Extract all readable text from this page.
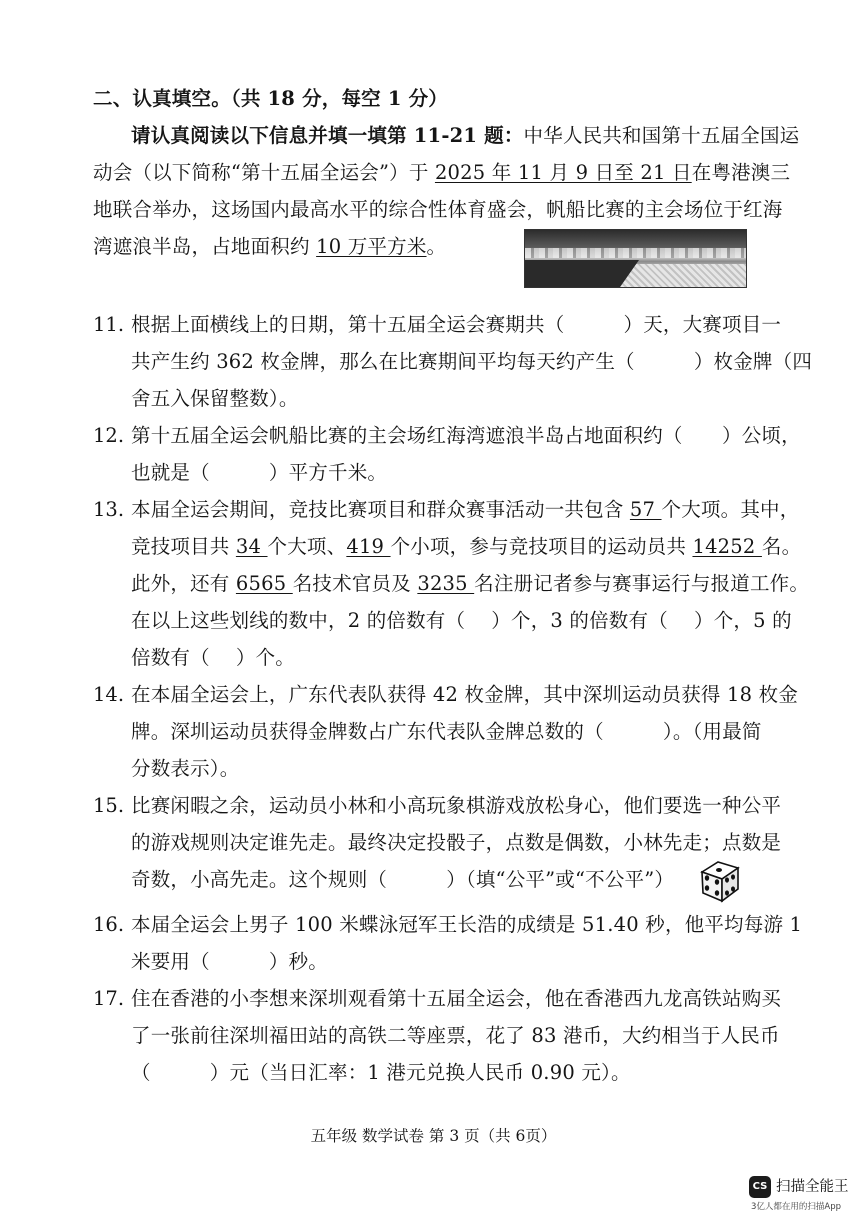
二、认真填空。（共 18 分，每空 1 分）
请认真阅读以下信息并填一填第 11-21 题：中华人民共和国第十五届全国运
动会（以下简称“第十五届全运会”）于 2025 年 11 月 9 日至 21 日在粤港澳三
地联合举办，这场国内最高水平的综合性体育盛会，帆船比赛的主会场位于红海
湾遮浪半岛，占地面积约 10 万平方米。
11. 根据上面横线上的日期，第十五届全运会赛期共（　　　）天，大赛项目一
共产生约 362 枚金牌，那么在比赛期间平均每天约产生（　　　）枚金牌（四
舍五入保留整数）。
12. 第十五届全运会帆船比赛的主会场红海湾遮浪半岛占地面积约（　　）公顷，
也就是（　　　）平方千米。
13. 本届全运会期间，竞技比赛项目和群众赛事活动一共包含 57 个大项。其中，
竞技项目共 34 个大项、419 个小项，参与竞技项目的运动员共 14252 名。
此外，还有 6565 名技术官员及 3235 名注册记者参与赛事运行与报道工作。
在以上这些划线的数中，2 的倍数有（　 ）个，3 的倍数有（　 ）个，5 的
倍数有（　 ）个。
14. 在本届全运会上，广东代表队获得 42 枚金牌，其中深圳运动员获得 18 枚金
牌。深圳运动员获得金牌数占广东代表队金牌总数的（　　　）。（用最简
分数表示）。
15. 比赛闲暇之余，运动员小林和小高玩象棋游戏放松身心，他们要选一种公平
的游戏规则决定谁先走。最终决定投骰子，点数是偶数，小林先走；点数是
奇数，小高先走。这个规则（　　　）（填“公平”或“不公平”）
16. 本届全运会上男子 100 米蝶泳冠军王长浩的成绩是 51.40 秒，他平均每游 1
米要用（　　　）秒。
17. 住在香港的小李想来深圳观看第十五届全运会，他在香港西九龙高铁站购买
了一张前往深圳福田站的高铁二等座票，花了 83 港币，大约相当于人民币
（　　　）元（当日汇率：1 港元兑换人民币 0.90 元）。
五年级 数学试卷 第 3 页（共 6页）
CS 扫描全能王
3亿人都在用的扫描App
